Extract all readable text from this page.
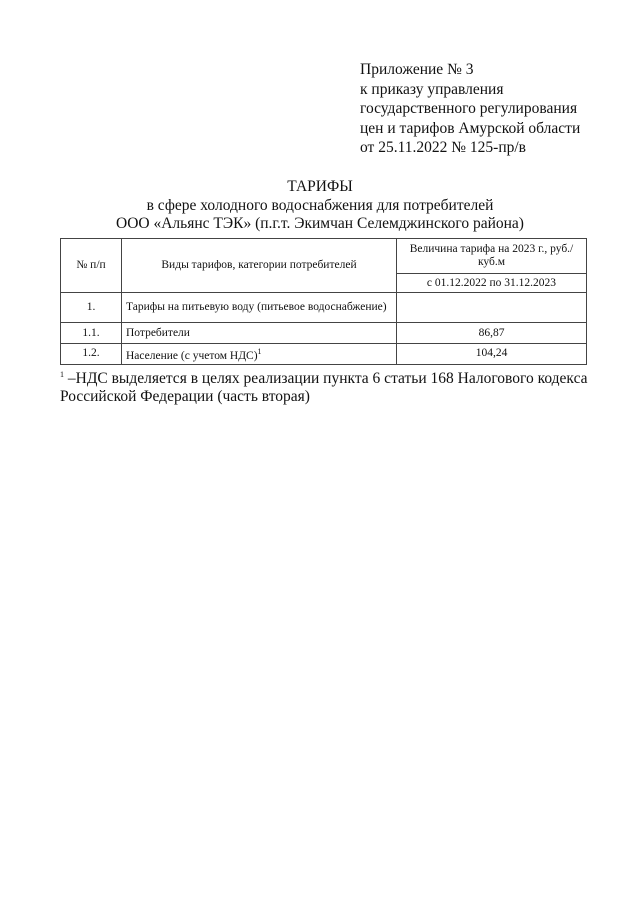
Приложение № 3
к приказу управления
государственного регулирования
цен и тарифов Амурской области
от 25.11.2022 № 125-пр/в
ТАРИФЫ
в сфере холодного водоснабжения для потребителей
ООО «Альянс ТЭК» (п.г.т. Экимчан Селемджинского района)
№ п/п	Виды тарифов, категории потребителей	Величина тарифа на 2023 г., руб./куб.м
		с 01.12.2022 по 31.12.2023
1.	Тарифы на питьевую воду (питьевое водоснабжение)	
1.1.	Потребители	86,87
1.2.	Население (с учетом НДС)$^1$	104,24
$^1$ –НДС выделяется в целях реализации пункта 6 статьи 168 Налогового кодекса Российской Федерации (часть вторая)
